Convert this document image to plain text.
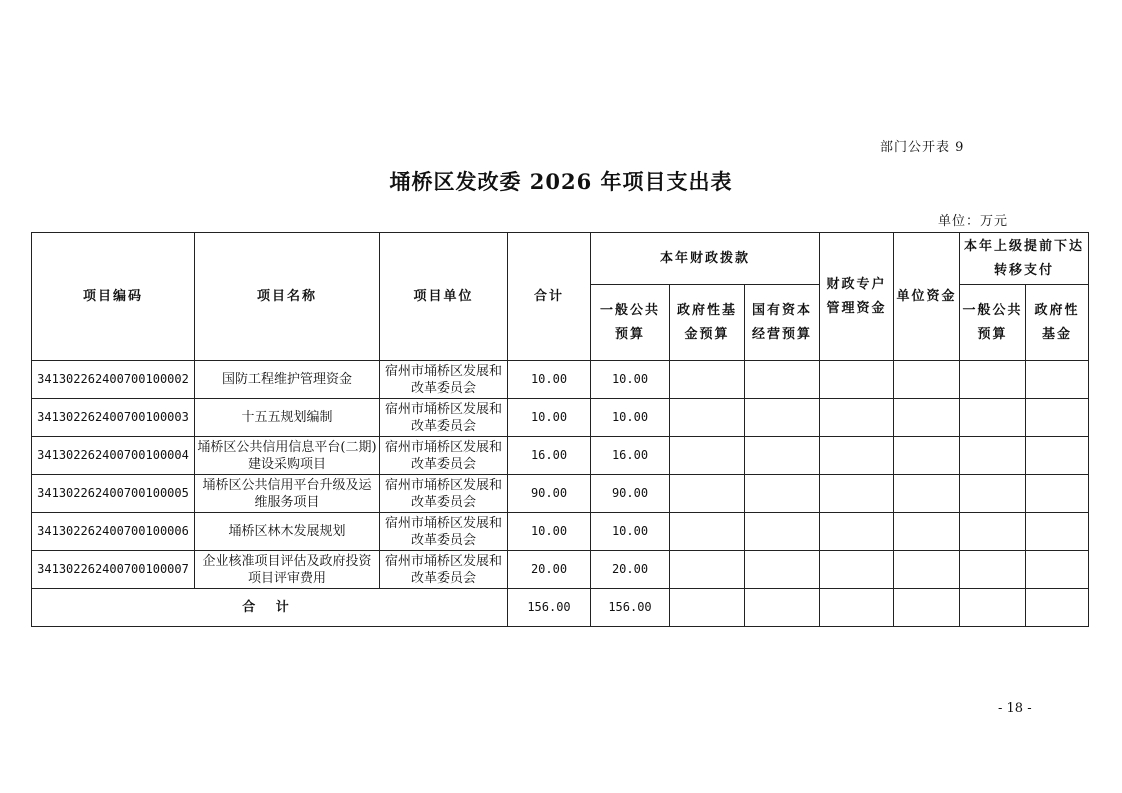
部门公开表 9
埇桥区发改委 2026 年项目支出表
单位：万元
项目编码	项目名称	项目单位	合计	本年财政拨款			财政专户管理资金	单位资金	本年上级提前下达转移支付	
				一般公共预算	政府性基金预算	国有资本经营预算			一般公共预算	政府性基金
341302262400700100002	国防工程维护管理资金	宿州市埇桥区发展和改革委员会	10.00	10.00						
341302262400700100003	十五五规划编制	宿州市埇桥区发展和改革委员会	10.00	10.00						
341302262400700100004	埇桥区公共信用信息平台(二期)建设采购项目	宿州市埇桥区发展和改革委员会	16.00	16.00						
341302262400700100005	埇桥区公共信用平台升级及运维服务项目	宿州市埇桥区发展和改革委员会	90.00	90.00						
341302262400700100006	埇桥区林木发展规划	宿州市埇桥区发展和改革委员会	10.00	10.00						
341302262400700100007	企业核准项目评估及政府投资项目评审费用	宿州市埇桥区发展和改革委员会	20.00	20.00						
合 计			156.00	156.00						
- 18 -
